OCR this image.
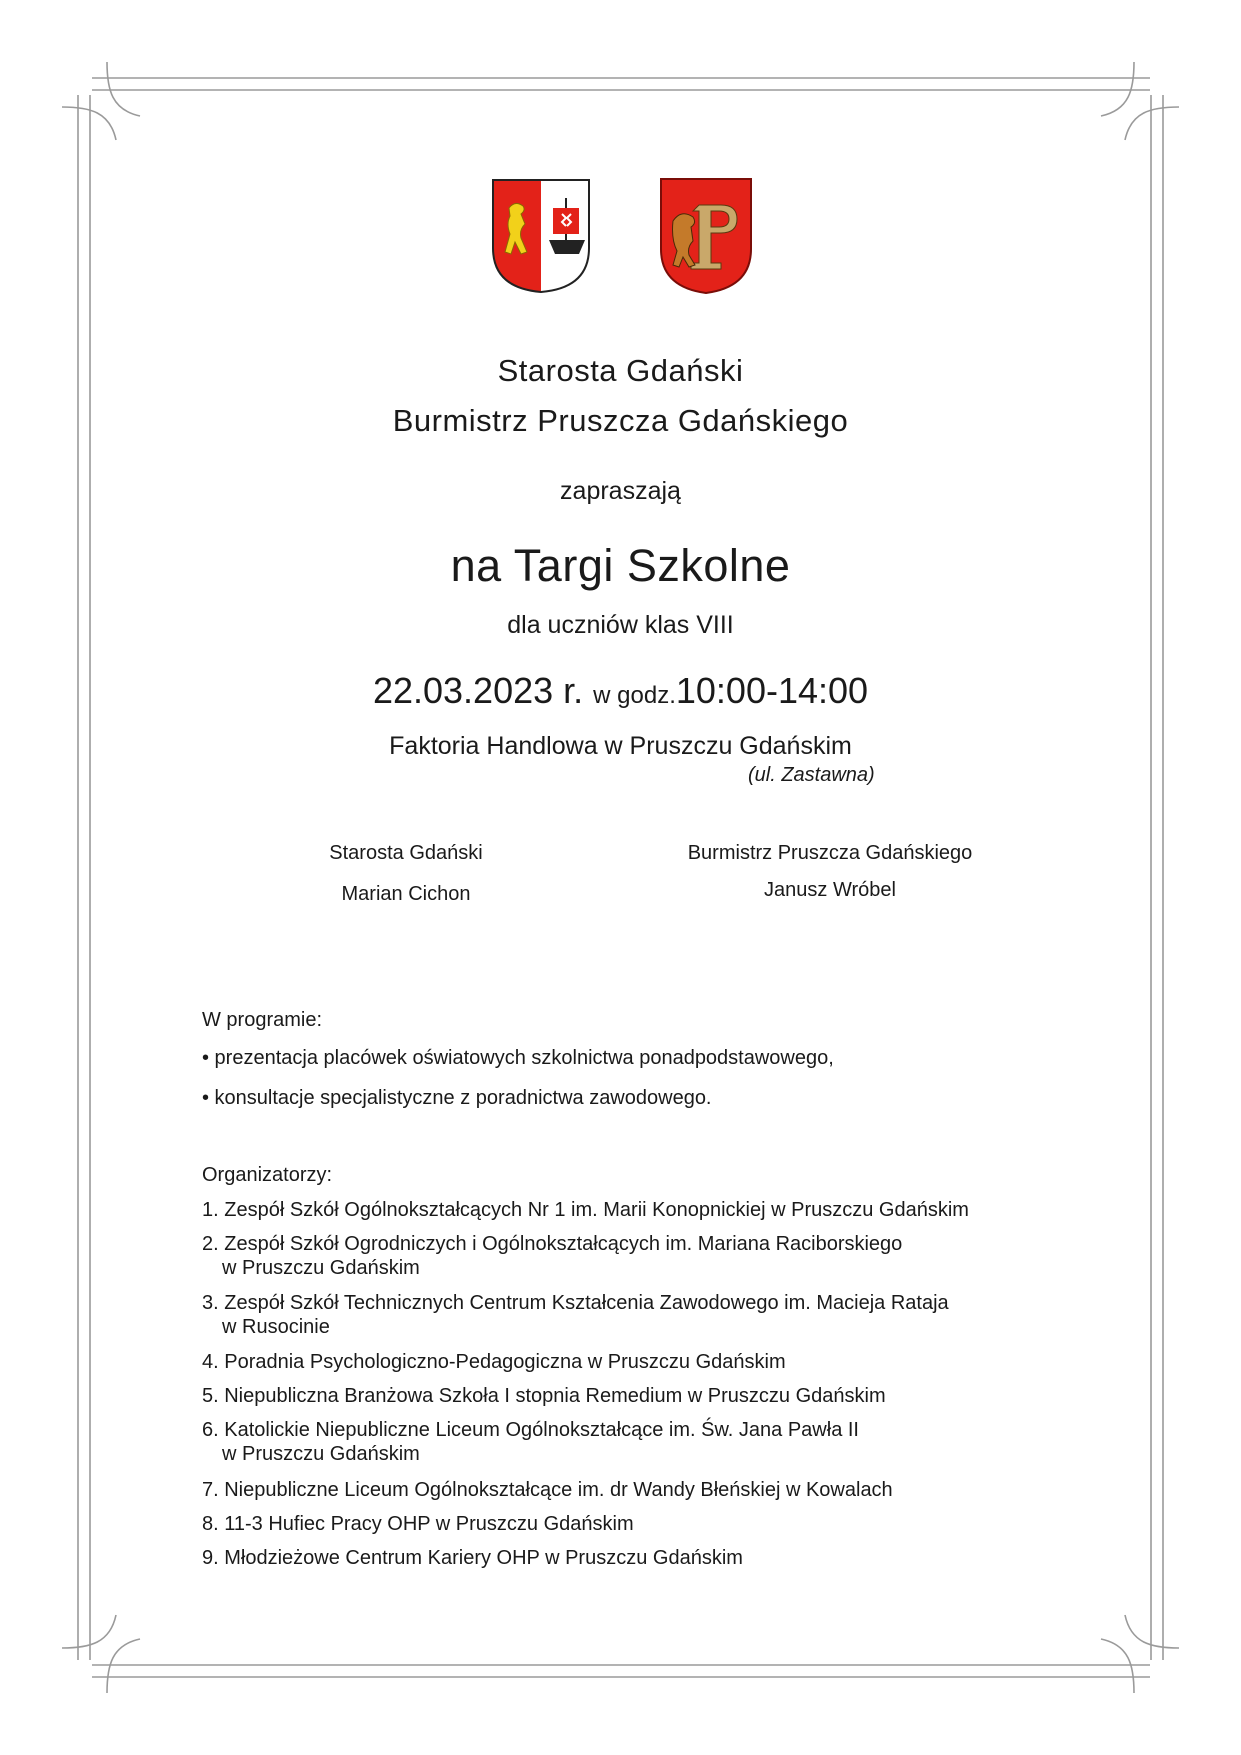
Starosta Gdański
Burmistrz Pruszcza Gdańskiego
zapraszają
na Targi Szkolne
dla uczniów klas VIII
22.03.2023 r. w godz.10:00-14:00
Faktoria Handlowa w Pruszczu Gdańskim
(ul. Zastawna)
Starosta Gdański
Marian Cichon
Burmistrz Pruszcza Gdańskiego
Janusz Wróbel
W programie:
• prezentacja placówek oświatowych szkolnictwa ponadpodstawowego,
• konsultacje specjalistyczne z poradnictwa zawodowego.
Organizatorzy:
1. Zespół Szkół Ogólnokształcących Nr 1 im. Marii Konopnickiej w Pruszczu Gdańskim
2. Zespół Szkół Ogrodniczych i Ogólnokształcących im. Mariana Raciborskiego
w Pruszczu Gdańskim
3. Zespół Szkół Technicznych Centrum Kształcenia Zawodowego im. Macieja Rataja
w Rusocinie
4. Poradnia Psychologiczno-Pedagogiczna w Pruszczu Gdańskim
5. Niepubliczna Branżowa Szkoła I stopnia Remedium w Pruszczu Gdańskim
6. Katolickie Niepubliczne Liceum Ogólnokształcące im. Św. Jana Pawła II
w Pruszczu Gdańskim
7. Niepubliczne Liceum Ogólnokształcące im. dr Wandy Błeńskiej w Kowalach
8. 11-3 Hufiec Pracy OHP w Pruszczu Gdańskim
9. Młodzieżowe Centrum Kariery OHP w Pruszczu Gdańskim
